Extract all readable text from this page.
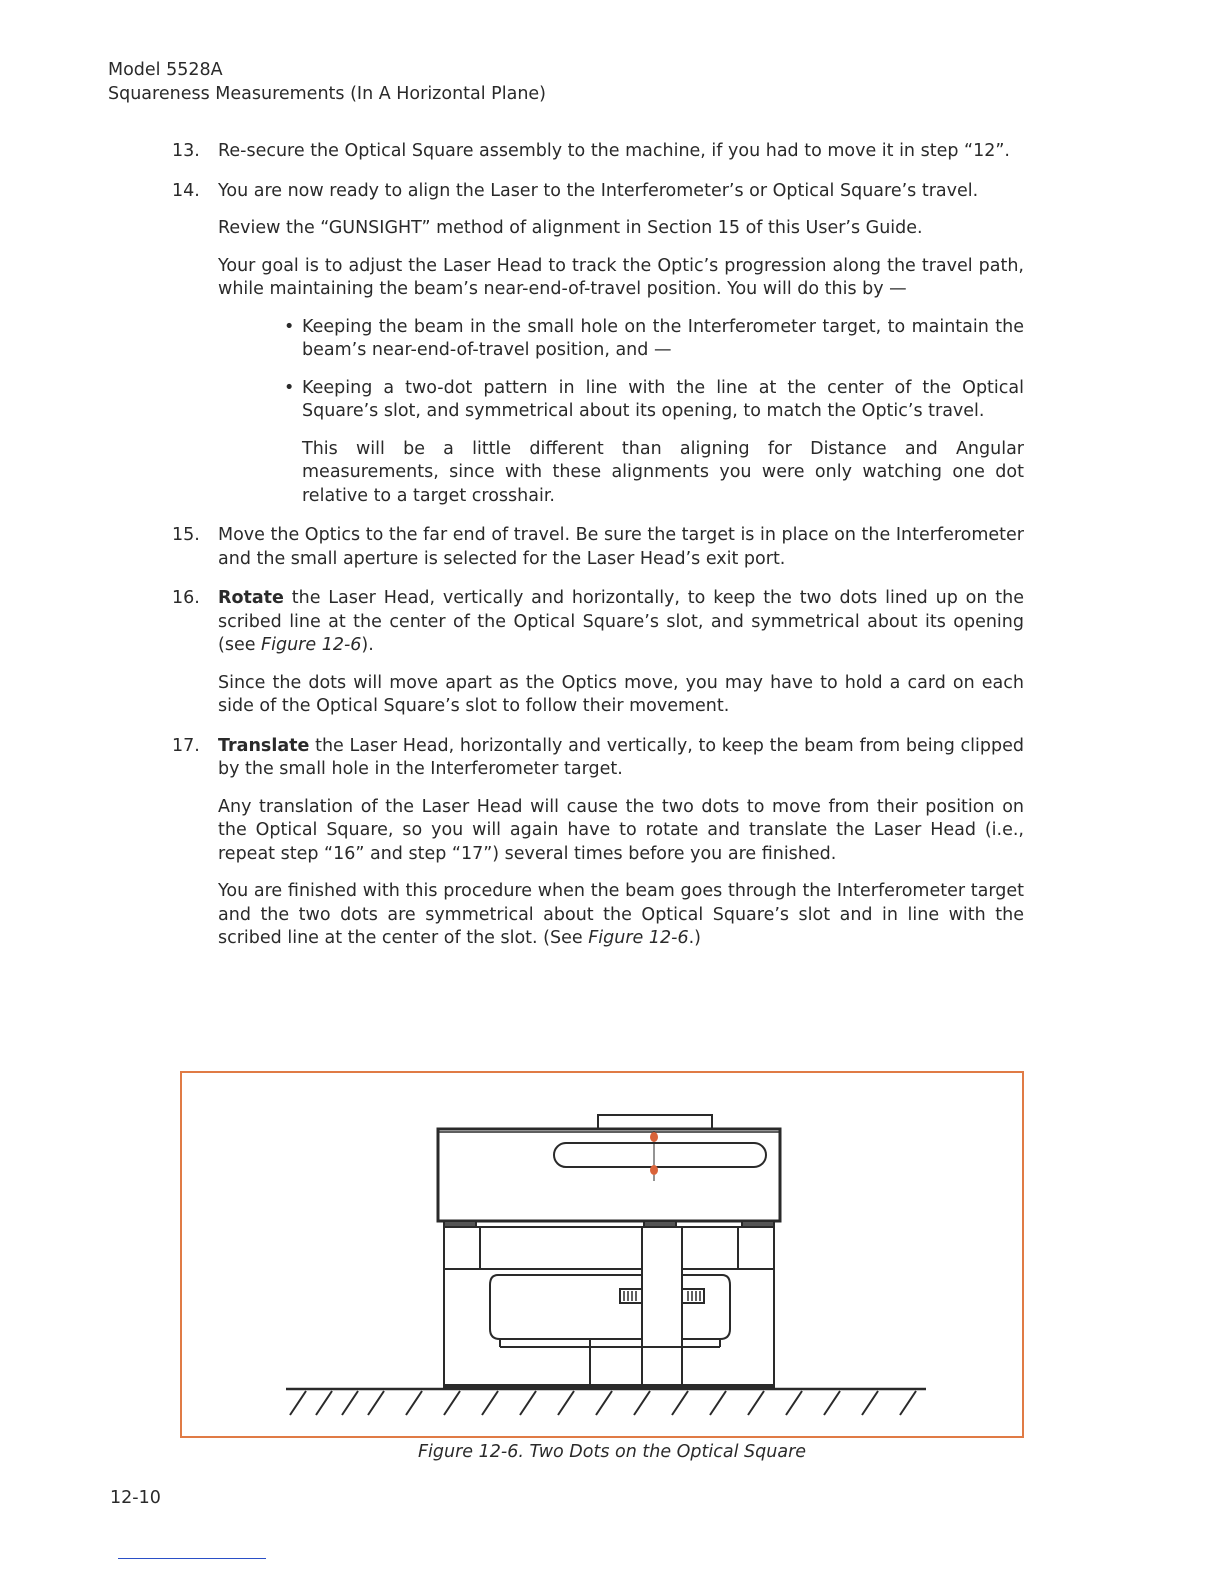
Model 5528A
Squareness Measurements (In A Horizontal Plane)
13. Re-secure the Optical Square assembly to the machine, if you had to move it in step “12”.
14. You are now ready to align the Laser to the Interferometer’s or Optical Square’s travel.
Review the “GUNSIGHT” method of alignment in Section 15 of this User’s Guide.
Your goal is to adjust the Laser Head to track the Optic’s progression along the travel path, while maintaining the beam’s near-end-of-travel position. You will do this by —
• Keeping the beam in the small hole on the Interferometer target, to maintain the beam’s near-end-of-travel position, and —
• Keeping a two-dot pattern in line with the line at the center of the Optical Square’s slot, and symmetrical about its opening, to match the Optic’s travel.
This will be a little different than aligning for Distance and Angular measurements, since with these alignments you were only watching one dot relative to a target crosshair.
15. Move the Optics to the far end of travel. Be sure the target is in place on the Interferometer and the small aperture is selected for the Laser Head’s exit port.
16. Rotate the Laser Head, vertically and horizontally, to keep the two dots lined up on the scribed line at the center of the Optical Square’s slot, and symmetrical about its opening (see Figure 12-6).
Since the dots will move apart as the Optics move, you may have to hold a card on each side of the Optical Square’s slot to follow their movement.
17. Translate the Laser Head, horizontally and vertically, to keep the beam from being clipped by the small hole in the Interferometer target.
Any translation of the Laser Head will cause the two dots to move from their position on the Optical Square, so you will again have to rotate and translate the Laser Head (i.e., repeat step “16” and step “17”) several times before you are finished.
You are finished with this procedure when the beam goes through the Interferometer target and the two dots are symmetrical about the Optical Square’s slot and in line with the scribed line at the center of the slot. (See Figure 12-6.)
Figure 12-6. Two Dots on the Optical Square
12-10
